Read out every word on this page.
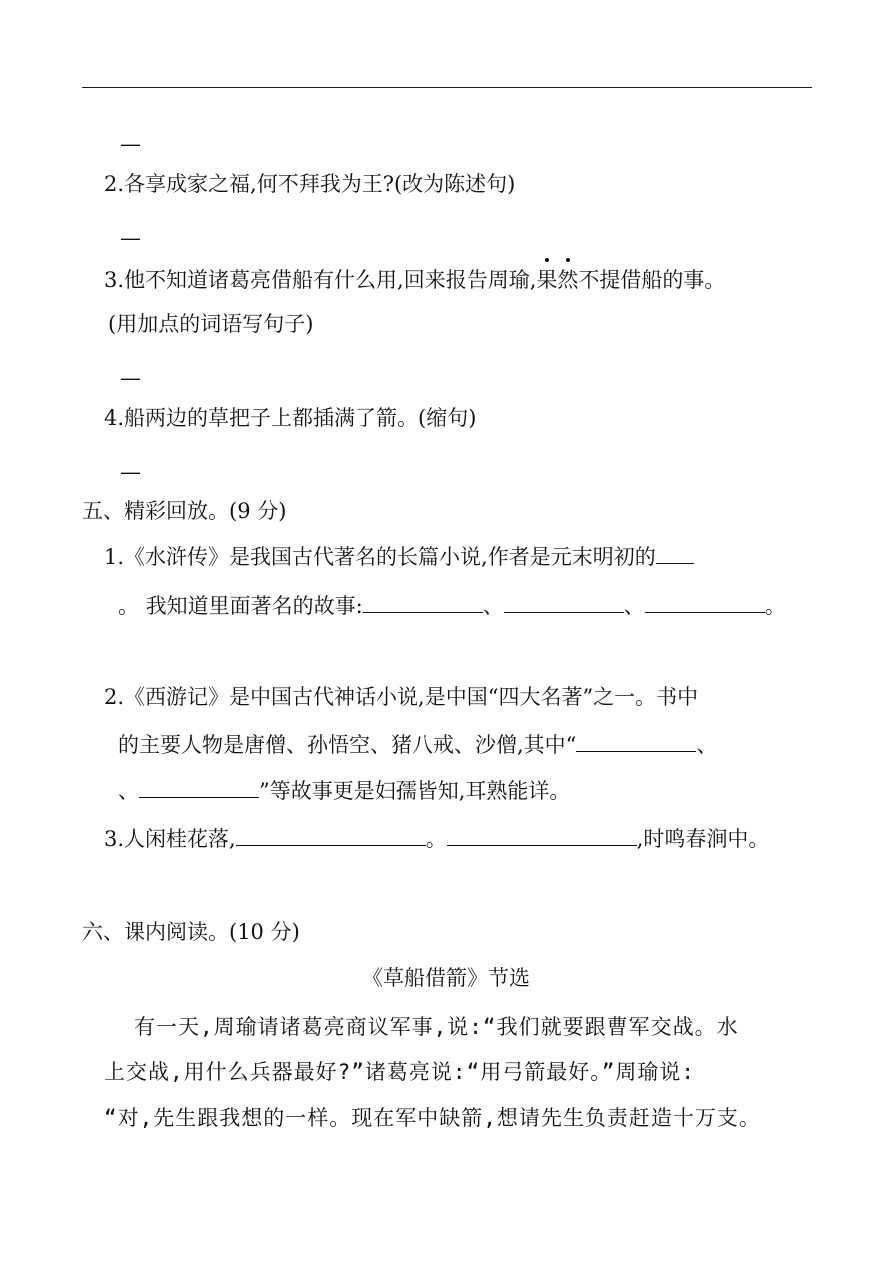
—
2.各享成家之福,何不拜我为王?(改为陈述句)
—
3.他不知道诸葛亮借船有什么用,回来报告周瑜,果然不提借船的事。
(用加点的词语写句子)
—
4.船两边的草把子上都插满了箭。(缩句)
—
五、精彩回放。(9 分)
1.《水浒传》是我国古代著名的长篇小说,作者是元末明初的
。 我知道里面著名的故事:	、	、	。
2.《西游记》是中国古代神话小说,是中国“四大名著”之一。书中
的主要人物是唐僧、孙悟空、猪八戒、沙僧,其中“	、
、	”等故事更是妇孺皆知,耳熟能详。
3.人闲桂花落,	。	,时鸣春涧中。
六、课内阅读。(10 分)
《草船借箭》节选
有一天,周瑜请诸葛亮商议军事,说:“我们就要跟曹军交战。水
上交战,用什么兵器最好?”诸葛亮说:“用弓箭最好。”周瑜说:
“对,先生跟我想的一样。现在军中缺箭,想请先生负责赶造十万支。
